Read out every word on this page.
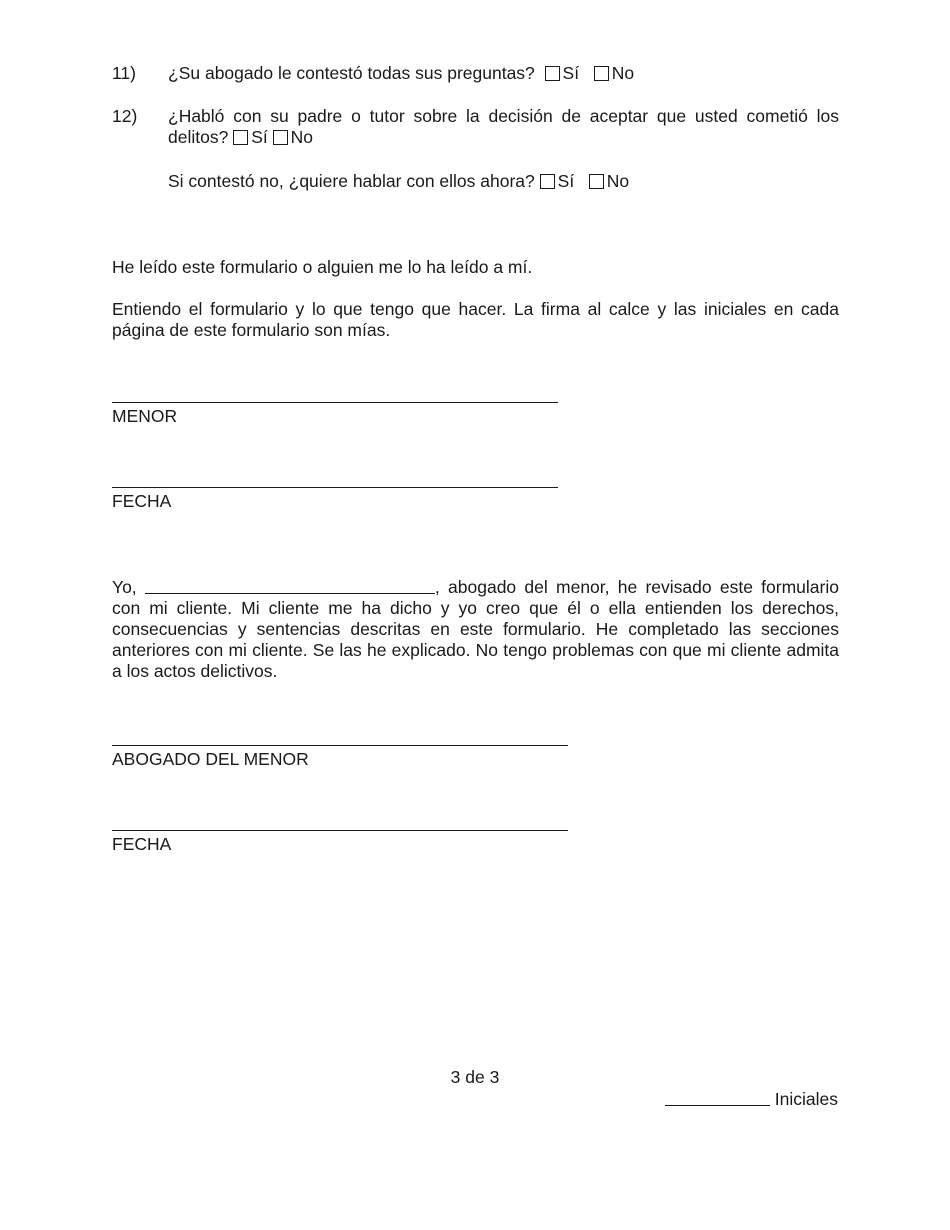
11)	¿Su abogado le contestó todas sus preguntas? Sí No
12)	¿Habló con su padre o tutor sobre la decisión de aceptar que usted cometió los delitos? Sí No
Si contestó no, ¿quiere hablar con ellos ahora? Sí No
He leído este formulario o alguien me lo ha leído a mí.
Entiendo el formulario y lo que tengo que hacer. La firma al calce y las iniciales en cada página de este formulario son mías.
MENOR
FECHA
Yo,	, abogado del menor, he revisado este formulario con mi cliente. Mi cliente me ha dicho y yo creo que él o ella entienden los derechos, consecuencias y sentencias descritas en este formulario. He completado las secciones anteriores con mi cliente. Se las he explicado. No tengo problemas con que mi cliente admita a los actos delictivos.
ABOGADO DEL MENOR
FECHA
3 de 3
Iniciales
